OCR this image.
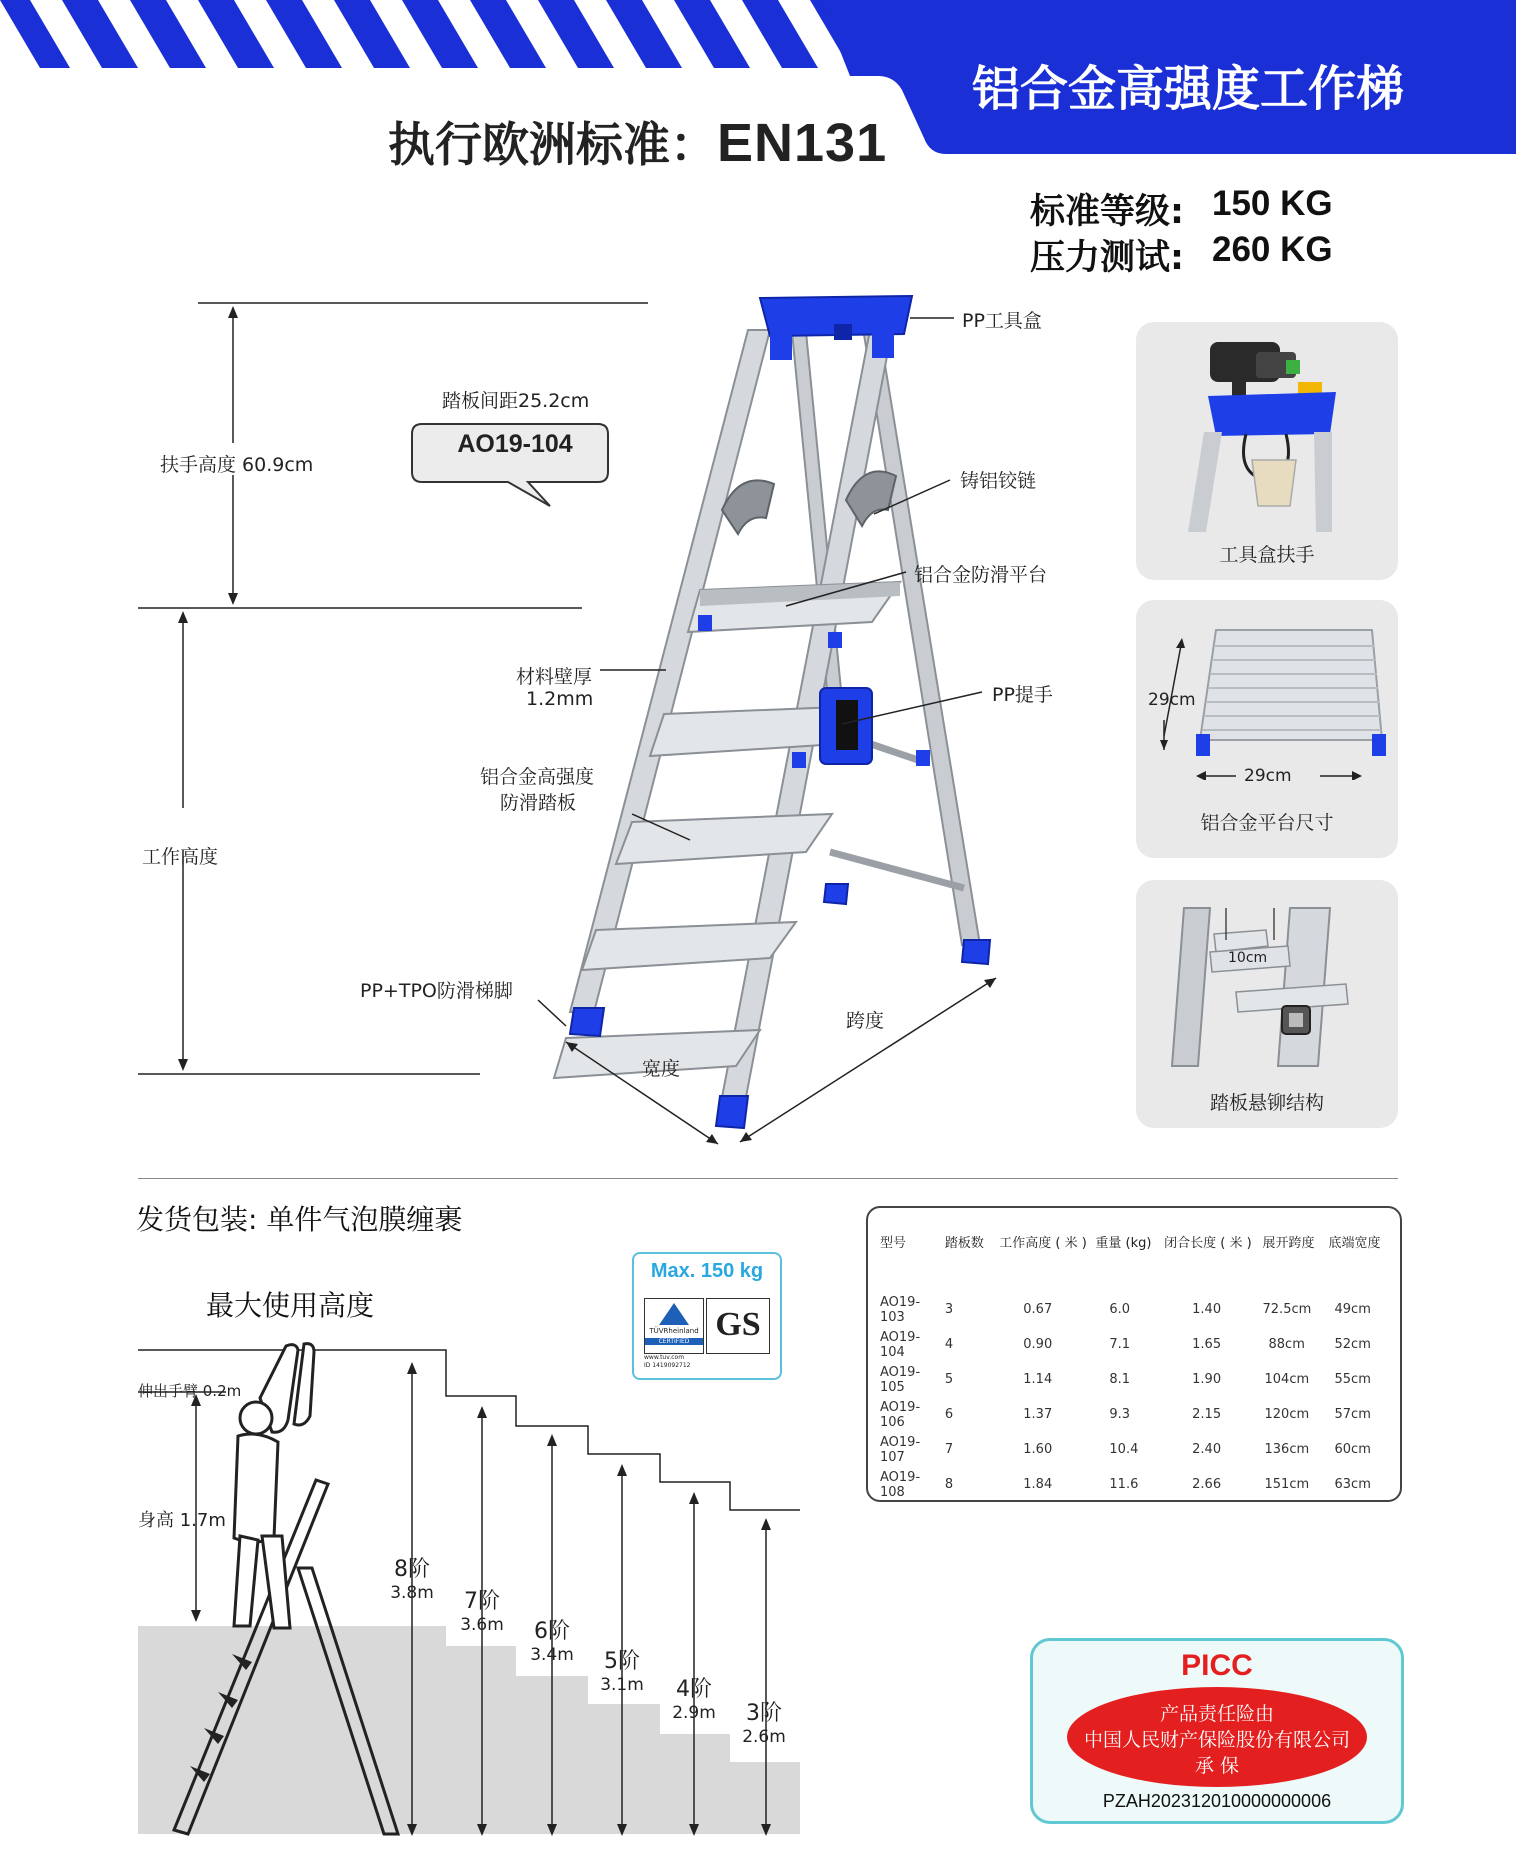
铝合金高强度工作梯
执行欧洲标准：EN131
标准等级: 150 KG
压力测试: 260 KG
扶手高度 60.9cm
工作高度
踏板间距25.2cm
AO19-104
PP工具盒
铸铝铰链
铝合金防滑平台
材料壁厚
1.2mm	PP提手
铝合金高强度
防滑踏板
PP+TPO防滑梯脚
跨度
宽度
工具盒扶手
29cm
29cm
铝合金平台尺寸
10cm
踏板悬铆结构
发货包装: 单件气泡膜缠裹
最大使用高度
伸出手臂 0.2m
身高 1.7m
8阶
3.8m	7阶
3.6m	6阶
3.4m	5阶
3.1m	4阶
2.9m	3阶
2.6m
Max. 150 kg
TÜVRheinland
CERTIFIED GS
www.tuv.com
ID 1419092712
型号	踏板数	工作高度 ( 米 )	重量 (kg)	闭合长度 ( 米 )	展开跨度	底端宽度
AO19-103	3	0.67	6.0	1.40	72.5cm	49cm
AO19-104	4	0.90	7.1	1.65	88cm	52cm
AO19-105	5	1.14	8.1	1.90	104cm	55cm
AO19-106	6	1.37	9.3	2.15	120cm	57cm
AO19-107	7	1.60	10.4	2.40	136cm	60cm
AO19-108	8	1.84	11.6	2.66	151cm	63cm
PICC
产品责任险由
中国人民财产保险股份有限公司
承 保
PZAH202312010000000006
